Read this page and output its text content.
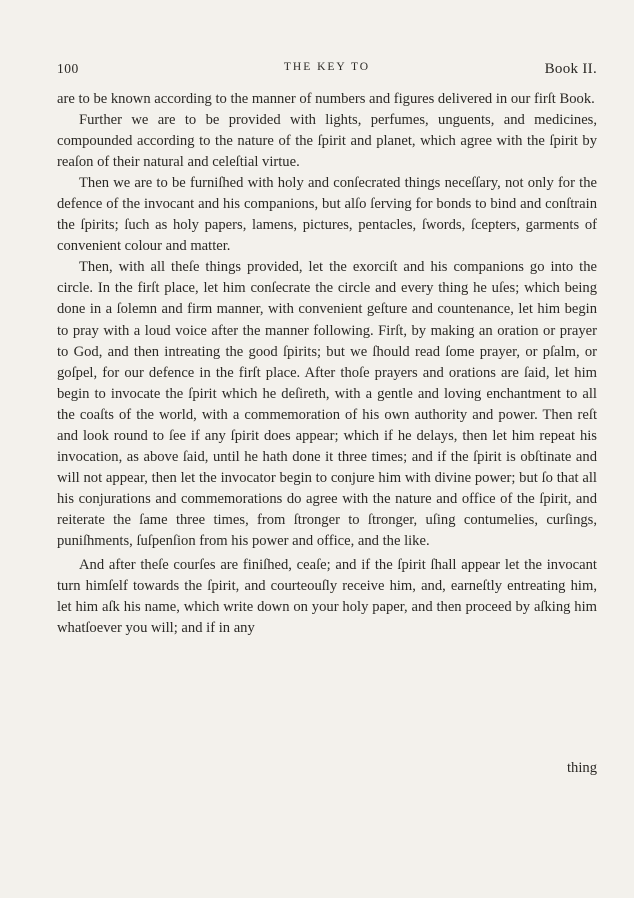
100	THE KEY TO	Book II.

are to be known according to the manner of numbers and figures delivered in our firſt Book.

Further we are to be provided with lights, perfumes, unguents, and medicines, compounded according to the nature of the ſpirit and planet, which agree with the ſpirit by reaſon of their natural and celeſtial virtue.

Then we are to be furniſhed with holy and conſecrated things neceſſary, not only for the defence of the invocant and his companions, but alſo ſerving for bonds to bind and conſtrain the ſpirits; ſuch as holy papers, lamens, pictures, pentacles, ſwords, ſcepters, garments of convenient colour and matter.

Then, with all theſe things provided, let the exorciſt and his companions go into the circle. In the firſt place, let him conſecrate the circle and every thing he uſes; which being done in a ſolemn and firm manner, with convenient geſture and countenance, let him begin to pray with a loud voice after the manner following. Firſt, by making an oration or prayer to God, and then intreating the good ſpirits; but we ſhould read ſome prayer, or pſalm, or goſpel, for our defence in the firſt place. After thoſe prayers and orations are ſaid, let him begin to invocate the ſpirit which he deſireth, with a gentle and loving enchantment to all the coaſts of the world, with a commemoration of his own authority and power. Then reſt and look round to ſee if any ſpirit does appear; which if he delays, then let him repeat his invocation, as above ſaid, until he hath done it three times; and if the ſpirit is obſtinate and will not appear, then let the invocator begin to conjure him with divine power; but ſo that all his conjurations and commemorations do agree with the nature and office of the ſpirit, and reiterate the ſame three times, from ſtronger to ſtronger, uſing contumelies, curſings, puniſhments, ſuſpenſion from his power and office, and the like.

And after theſe courſes are finiſhed, ceaſe; and if the ſpirit ſhall appear let the invocant turn himſelf towards the ſpirit, and courteouſly receive him, and, earneſtly entreating him, let him aſk his name, which write down on your holy paper, and then proceed by aſking him whatſoever you will; and if in any

thing
